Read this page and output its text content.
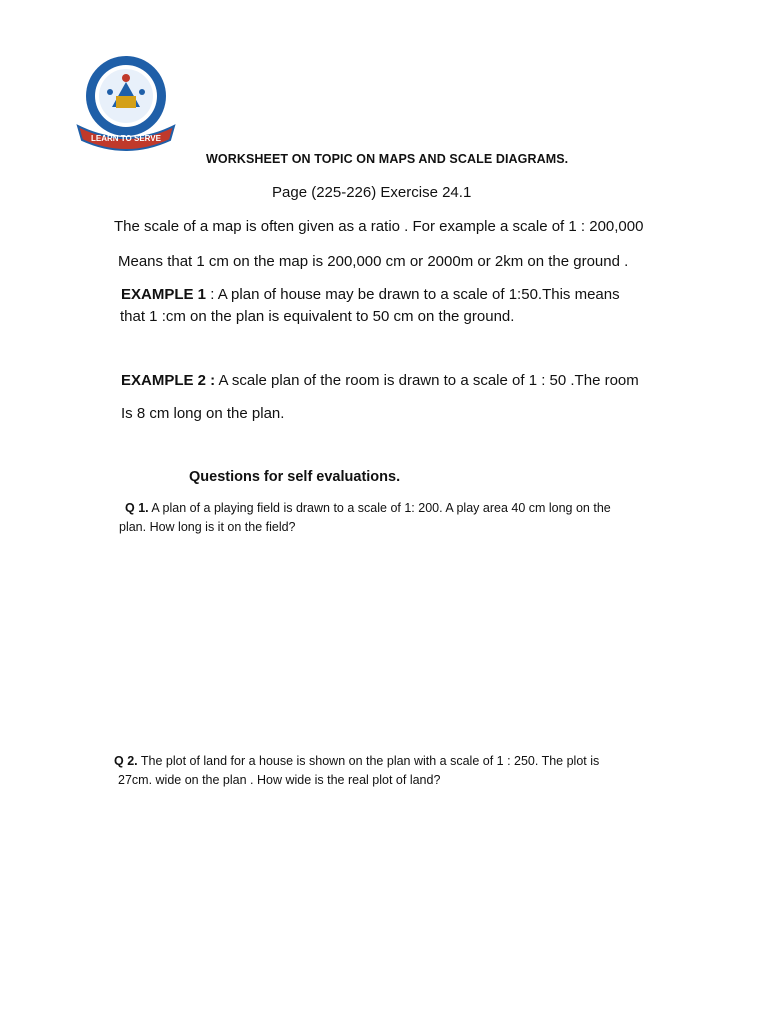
LEARN TO SERVE
WORKSHEET ON TOPIC ON MAPS AND SCALE DIAGRAMS.
Page (225-226) Exercise 24.1
The scale of a map is often given as a ratio . For example a scale of 1 : 200,000
Means that 1 cm on the map is 200,000 cm or 2000m or 2km on the ground .
EXAMPLE 1 : A plan of house may be drawn to a scale of 1:50.This means
that 1 :cm on the plan is equivalent to 50 cm on the ground.
EXAMPLE 2 : A scale plan of the room is drawn to a scale of 1 : 50 .The room
Is 8 cm long on the plan.
Questions for self evaluations.
Q 1. A plan of a playing field is drawn to a scale of 1: 200. A play area 40 cm long on the
plan. How long is it on the field?
Q 2. The plot of land for a house is shown on the plan with a scale of 1 : 250. The plot is
27cm. wide on the plan . How wide is the real plot of land?
